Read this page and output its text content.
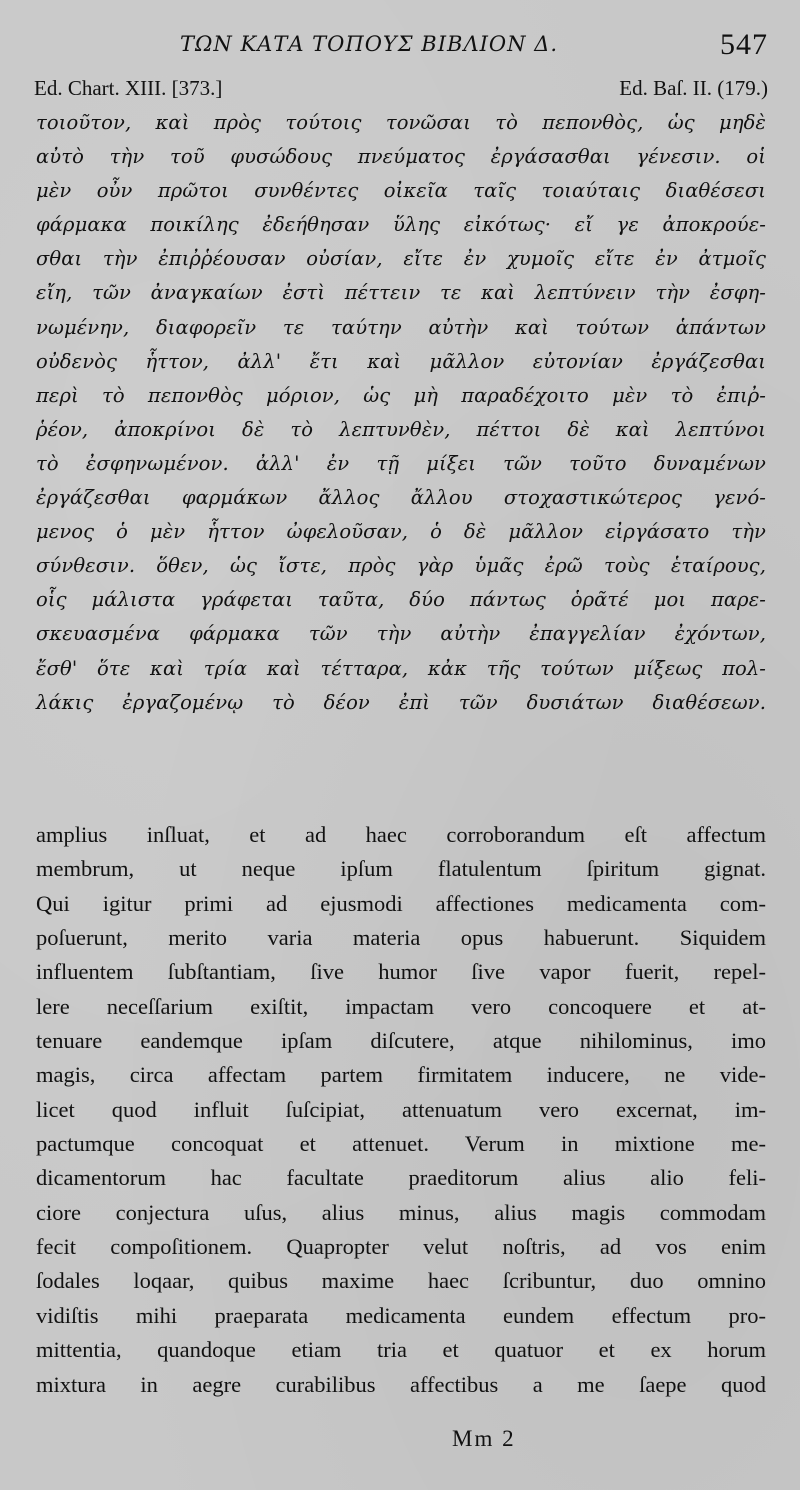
ΤΩΝ ΚΑΤΑ ΤΟΠΟΥΣ ΒΙΒΛΙΟΝ Δ.	547
Ed. Chart. XIII. [373.]	Ed. Baſ. II. (179.)
τοιοῦτον, καὶ πρὸς τούτοις τονῶσαι τὸ πεπονθὸς, ὡς μηδὲ
αὐτὸ τὴν τοῦ φυσώδους πνεύματος ἐργάσασθαι γένεσιν. οἱ
μὲν οὖν πρῶτοι συνθέντες οἰκεῖα ταῖς τοιαύταις διαθέσεσι
φάρμακα ποικίλης ἐδεήθησαν ὕλης εἰκότως· εἴ γε ἀποκρούε-
σθαι τὴν ἐπιῤῥέουσαν οὐσίαν, εἴτε ἐν χυμοῖς εἴτε ἐν ἀτμοῖς
εἴη, τῶν ἀναγκαίων ἐστὶ πέττειν τε καὶ λεπτύνειν τὴν ἐσφη-
νωμένην, διαφορεῖν τε ταύτην αὐτὴν καὶ τούτων ἁπάντων
οὐδενὸς ἧττον, ἀλλ' ἔτι καὶ μᾶλλον εὐτονίαν ἐργάζεσθαι
περὶ τὸ πεπονθὸς μόριον, ὡς μὴ παραδέχοιτο μὲν τὸ ἐπιῤ-
ῥέον, ἀποκρίνοι δὲ τὸ λεπτυνθὲν, πέττοι δὲ καὶ λεπτύνοι
τὸ ἐσφηνωμένον. ἀλλ' ἐν τῇ μίξει τῶν τοῦτο δυναμένων
ἐργάζεσθαι φαρμάκων ἄλλος ἄλλου στοχαστικώτερος γενό-
μενος ὁ μὲν ἧττον ὠφελοῦσαν, ὁ δὲ μᾶλλον εἰργάσατο τὴν
σύνθεσιν. ὅθεν, ὡς ἴστε, πρὸς γὰρ ὑμᾶς ἐρῶ τοὺς ἑταίρους,
οἷς μάλιστα γράφεται ταῦτα, δύο πάντως ὁρᾶτέ μοι παρε-
σκευασμένα φάρμακα τῶν τὴν αὐτὴν ἐπαγγελίαν ἐχόντων,
ἔσθ' ὅτε καὶ τρία καὶ τέτταρα, κἀκ τῆς τούτων μίξεως πολ-
λάκις ἐργαζομένῳ τὸ δέον ἐπὶ τῶν δυσιάτων διαθέσεων.
amplius inſluat, et ad haec corroborandum eſt affectum
membrum, ut neque ipſum flatulentum ſpiritum gignat.
Qui igitur primi ad ejusmodi affectiones medicamenta com-
poſuerunt, merito varia materia opus habuerunt. Siquidem
influentem ſubſtantiam, ſive humor ſive vapor fuerit, repel-
lere neceſſarium exiſtit, impactam vero concoquere et at-
tenuare eandemque ipſam diſcutere, atque nihilominus, imo
magis, circa affectam partem firmitatem inducere, ne vide-
licet quod influit ſuſcipiat, attenuatum vero excernat, im-
pactumque concoquat et attenuet. Verum in mixtione me-
dicamentorum hac facultate praeditorum alius alio feli-
ciore conjectura uſus, alius minus, alius magis commodam
fecit compoſitionem. Quapropter velut noſtris, ad vos enim
ſodales loqaar, quibus maxime haec ſcribuntur, duo omnino
vidiſtis mihi praeparata medicamenta eundem effectum pro-
mittentia, quandoque etiam tria et quatuor et ex horum
mixtura in aegre curabilibus affectibus a me ſaepe quod
Mm 2
